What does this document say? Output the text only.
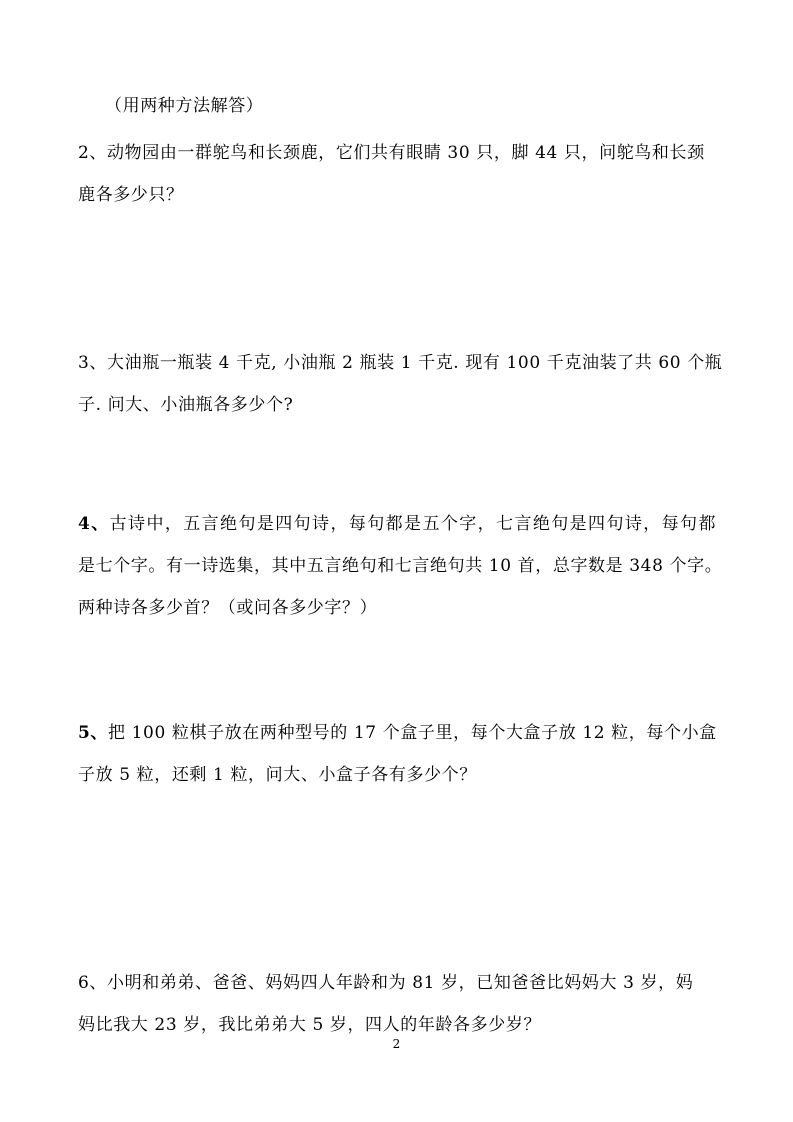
（用两种方法解答）
2、动物园由一群鸵鸟和长颈鹿，它们共有眼睛 30 只，脚 44 只，问鸵鸟和长颈
鹿各多少只？
3、大油瓶一瓶装 4 千克, 小油瓶 2 瓶装 1 千克. 现有 100 千克油装了共 60 个瓶
子. 问大、小油瓶各多少个?
4、古诗中，五言绝句是四句诗，每句都是五个字，七言绝句是四句诗，每句都
是七个字。有一诗选集，其中五言绝句和七言绝句共 10 首，总字数是 348 个字。
两种诗各多少首？（或问各多少字？）
5、把 100 粒棋子放在两种型号的 17 个盒子里，每个大盒子放 12 粒，每个小盒
子放 5 粒，还剩 1 粒，问大、小盒子各有多少个？
6、小明和弟弟、爸爸、妈妈四人年龄和为 81 岁，已知爸爸比妈妈大 3 岁，妈
妈比我大 23 岁，我比弟弟大 5 岁，四人的年龄各多少岁？
2
